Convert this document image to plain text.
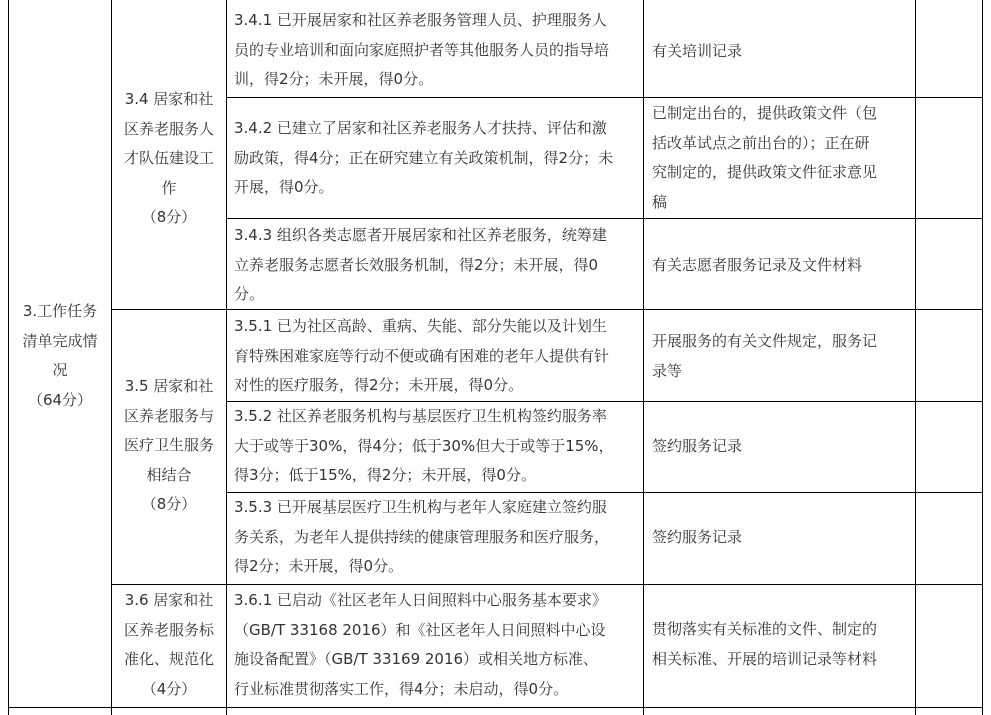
3.工作任务
清单完成情
况
（64分）
3.4 居家和社
区养老服务人
才队伍建设工
作
（8分）
3.5 居家和社
区养老服务与
医疗卫生服务
相结合
（8分）
3.6 居家和社
区养老服务标
准化、规范化
（4分）
3.4.1 已开展居家和社区养老服务管理人员、护理服务人
员的专业培训和面向家庭照护者等其他服务人员的指导培
训，得2分；未开展，得0分。
3.4.2 已建立了居家和社区养老服务人才扶持、评估和激
励政策，得4分；正在研究建立有关政策机制，得2分；未
开展，得0分。
3.4.3 组织各类志愿者开展居家和社区养老服务，统筹建
立养老服务志愿者长效服务机制，得2分；未开展，得0
分。
3.5.1 已为社区高龄、重病、失能、部分失能以及计划生
育特殊困难家庭等行动不便或确有困难的老年人提供有针
对性的医疗服务，得2分；未开展，得0分。
3.5.2 社区养老服务机构与基层医疗卫生机构签约服务率
大于或等于30%，得4分；低于30%但大于或等于15%，
得3分；低于15%，得2分；未开展，得0分。
3.5.3 已开展基层医疗卫生机构与老年人家庭建立签约服
务关系，为老年人提供持续的健康管理服务和医疗服务，
得2分；未开展，得0分。
3.6.1 已启动《社区老年人日间照料中心服务基本要求》
（GB/T 33168 2016）和《社区老年人日间照料中心设
施设备配置》（GB/T 33169 2016）或相关地方标准、
行业标准贯彻落实工作，得4分；未启动，得0分。
有关培训记录
已制定出台的，提供政策文件（包
括改革试点之前出台的）；正在研
究制定的，提供政策文件征求意见
稿
有关志愿者服务记录及文件材料
开展服务的有关文件规定，服务记
录等
签约服务记录
签约服务记录
贯彻落实有关标准的文件、制定的
相关标准、开展的培训记录等材料
